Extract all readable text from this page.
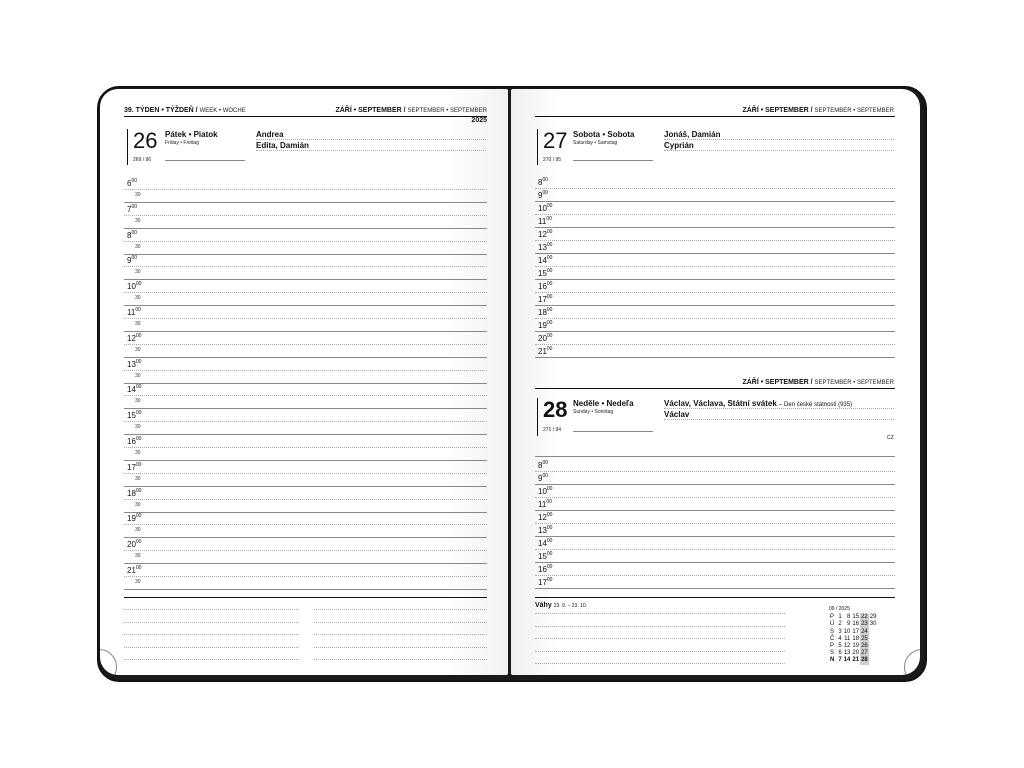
39. TÝDEN • TÝŽDEŇ / WEEK • WOCHE	ZÁŘÍ • SEPTEMBER / SEPTEMBER • SEPTEMBER
2025
26 Pátek • Piatok
Friday • Freitag
269 / 96
Andrea
Edita, Damián
$6^{00}$
30
$7^{00}$
30
$8^{00}$
30
$9^{00}$
30
$10^{00}$
30
$11^{00}$
30
$12^{00}$
30
$13^{00}$
30
$14^{00}$
30
$15^{00}$
30
$16^{00}$
30
$17^{00}$
30
$18^{00}$
30
$19^{00}$
30
$20^{00}$
30
$21^{00}$
30
ZÁŘÍ • SEPTEMBER / SEPTEMBER • SEPTEMBER
27 Sobota • Sobota
Saturday • Samstag
270 / 95
Jonáš, Damián
Cyprián
$8^{00}$
$9^{00}$
$10^{00}$
$11^{00}$
$12^{00}$
$13^{00}$
$14^{00}$
$15^{00}$
$16^{00}$
$17^{00}$
$18^{00}$
$19^{00}$
$20^{00}$
$21^{00}$
ZÁŘÍ • SEPTEMBER / SEPTEMBER • SEPTEMBER
28 Neděle • Nedeľa
Sunday • Sonntag
271 / 94
Václav, Václava, Státní svátek – Den české státnosti (935)
Václav
CZ
$8^{00}$
$9^{00}$
$10^{00}$
$11^{00}$
$12^{00}$
$13^{00}$
$14^{00}$
$15^{00}$
$16^{00}$
$17^{00}$
Váhy 23. 9. – 23. 10.	09 / 2025
P	1	8	15	22	29
Ú	2	9	16	23	30
S	3	10	17	24	
Č	4	11	18	25	
P	5	12	19	26	
S	6	13	20	27	
N	7	14	21	28	
